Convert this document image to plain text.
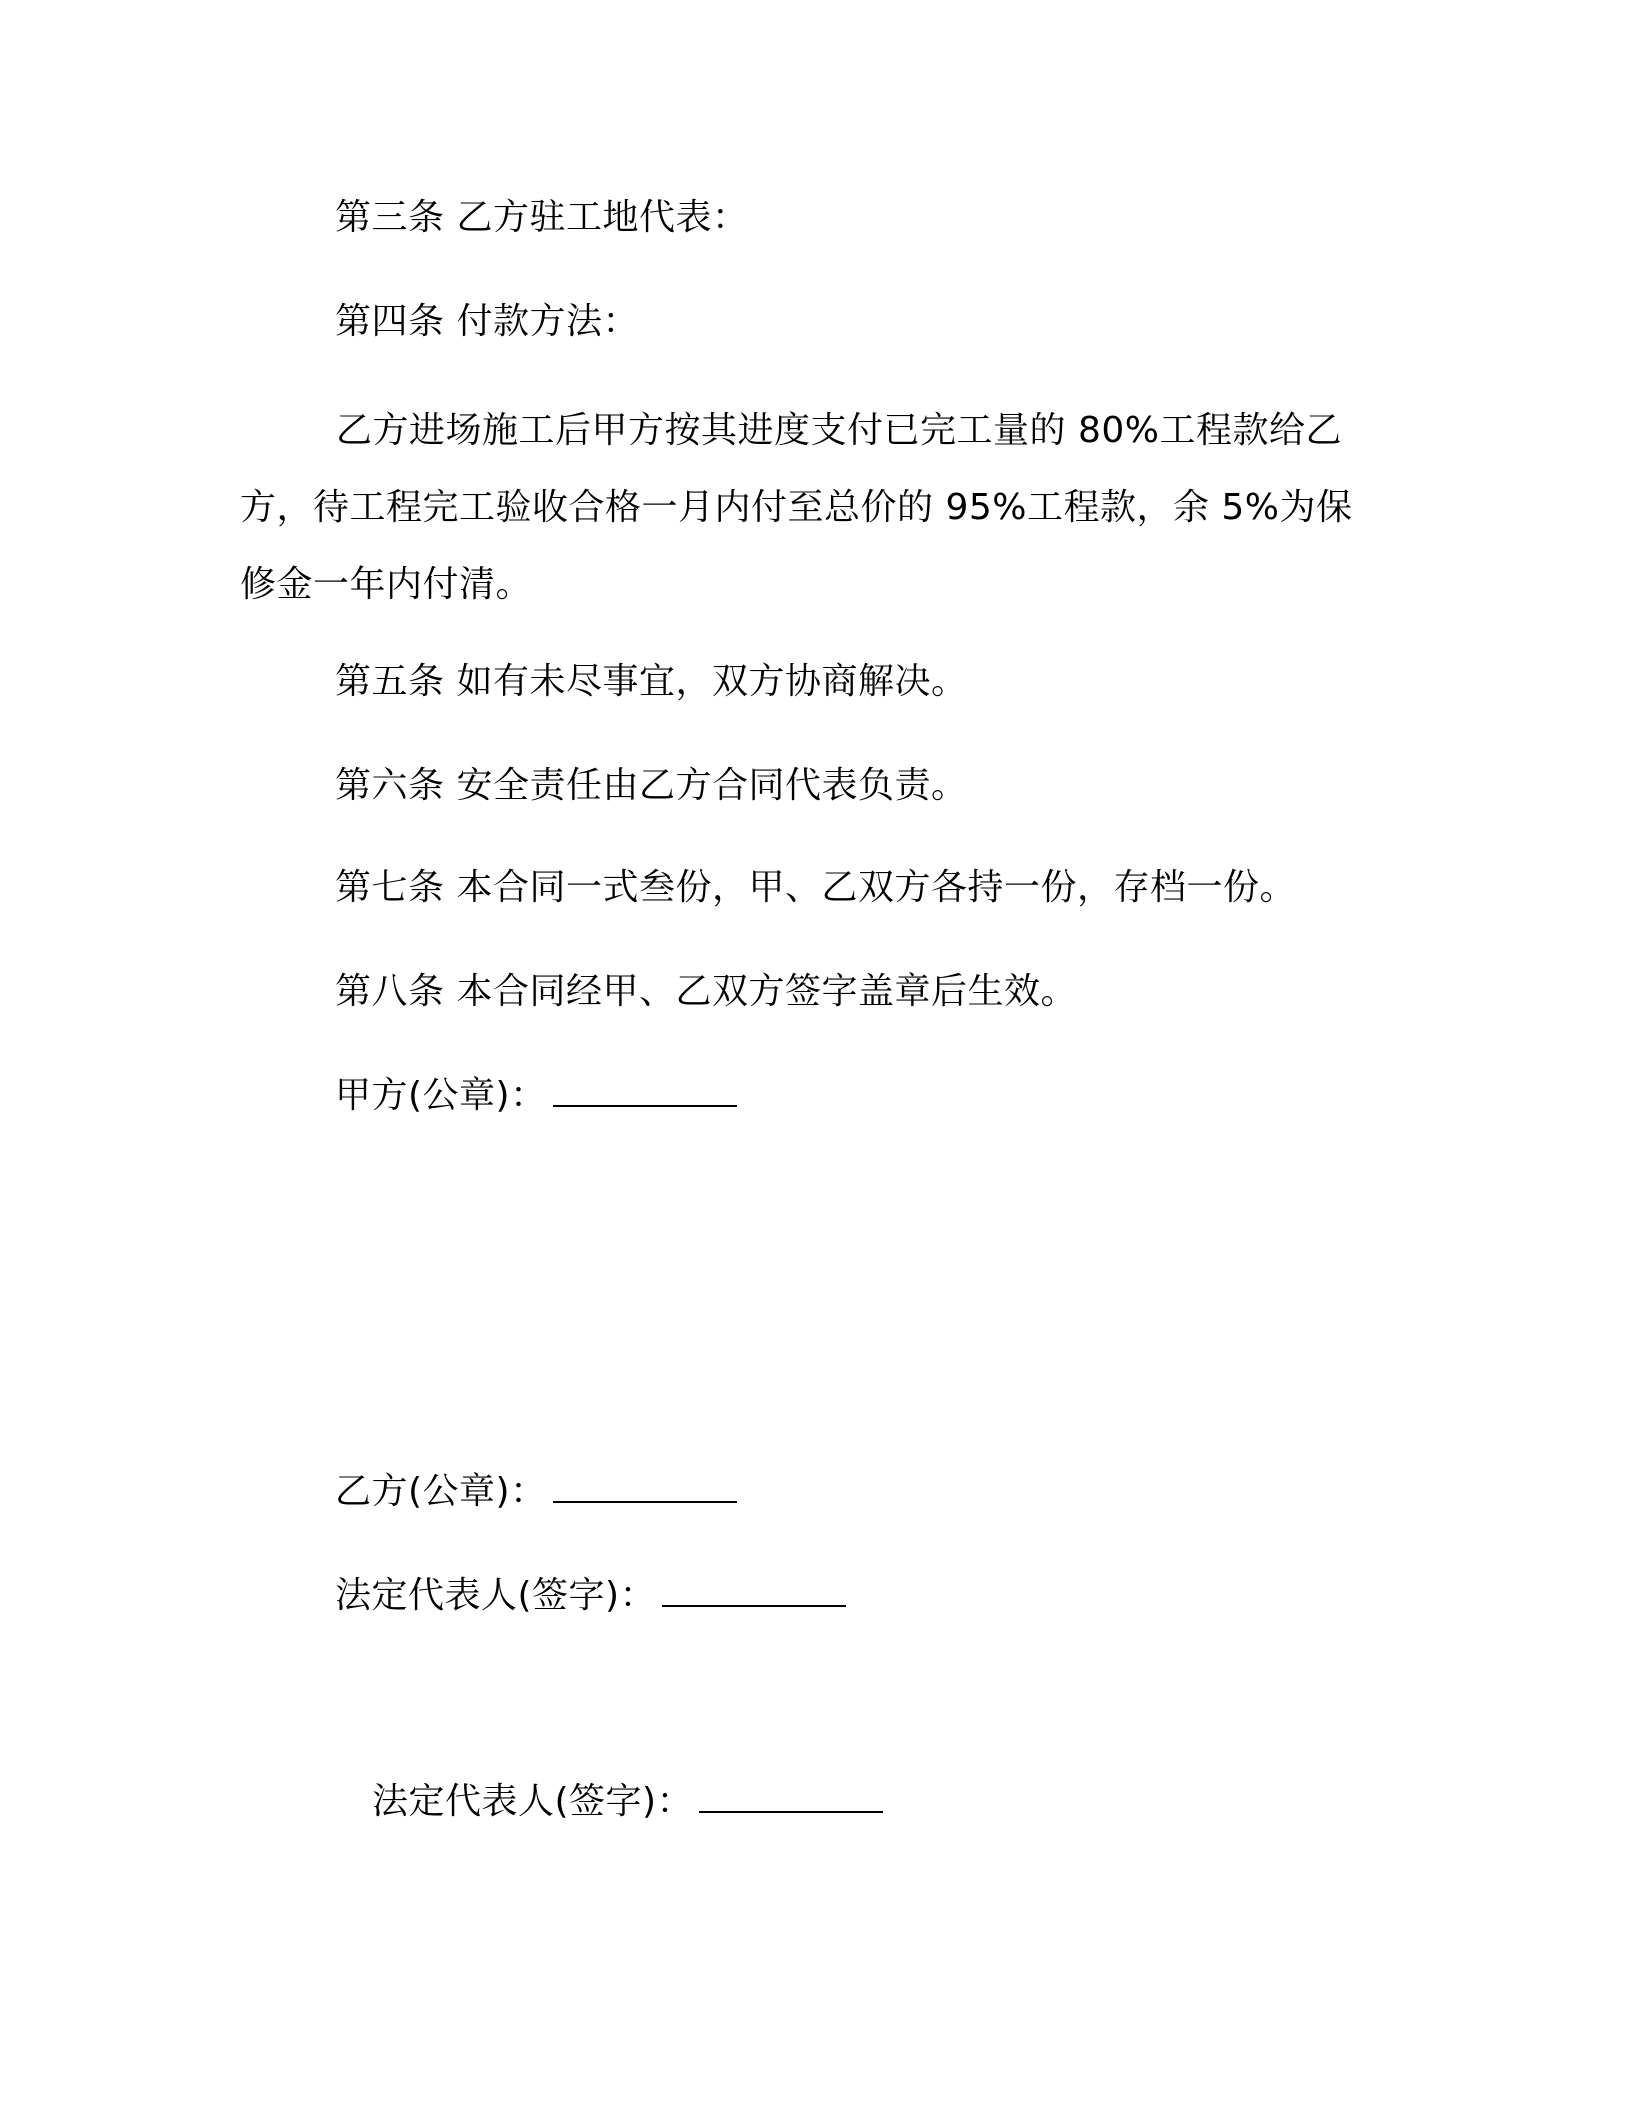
第三条 乙方驻工地代表：
第四条 付款方法：
乙方进场施工后甲方按其进度支付已完工量的 80%工程款给乙方，待工程完工验收合格一月内付至总价的 95%工程款，余 5%为保修金一年内付清。
第五条 如有未尽事宜，双方协商解决。
第六条 安全责任由乙方合同代表负责。
第七条 本合同一式叁份，甲、乙双方各持一份，存档一份。
第八条 本合同经甲、乙双方签字盖章后生效。
甲方(公章)：
乙方(公章)：
法定代表人(签字)：
法定代表人(签字)：
